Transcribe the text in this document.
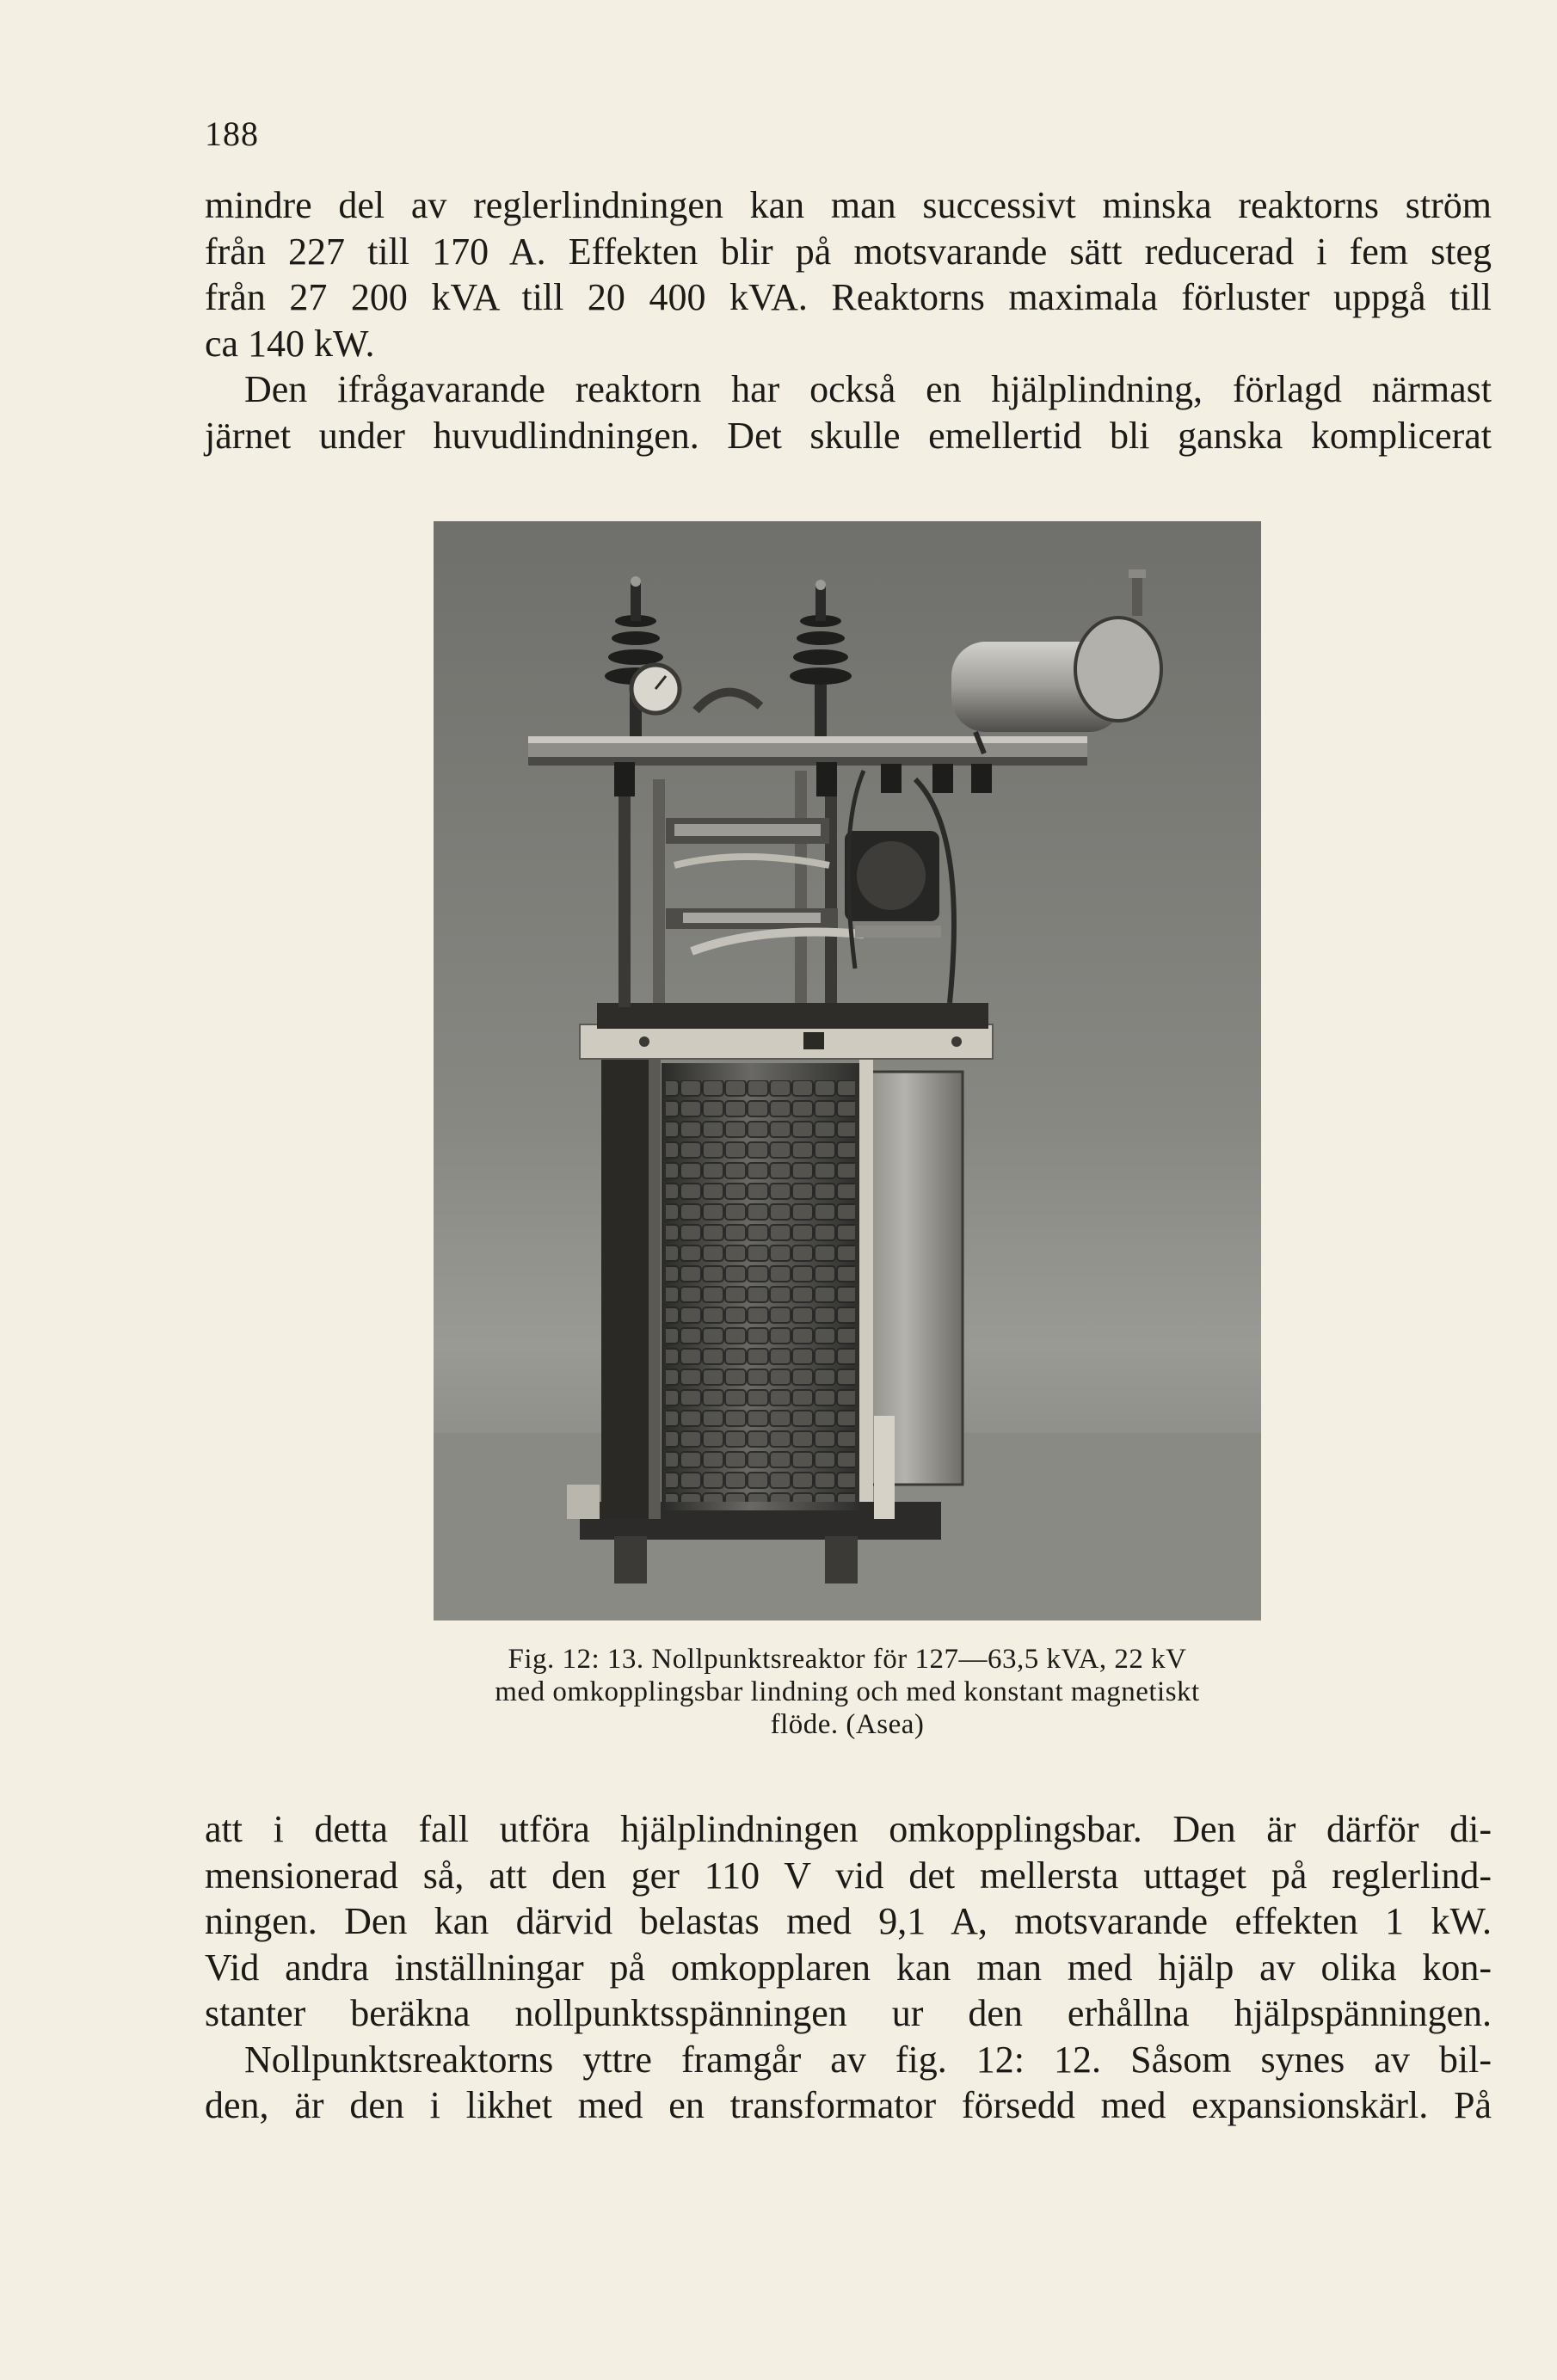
188

mindre del av reglerlindningen kan man successivt minska reaktorns ström
från 227 till 170 A. Effekten blir på motsvarande sätt reducerad i fem steg
från 27 200 kVA till 20 400 kVA. Reaktorns maximala förluster uppgå till
ca 140 kW.

Den ifrågavarande reaktorn har också en hjälplindning, förlagd närmast
järnet under huvudlindningen. Det skulle emellertid bli ganska komplicerat

Fig. 12: 13. Nollpunktsreaktor för 127—63,5 kVA, 22 kV
med omkopplingsbar lindning och med konstant magnetiskt
flöde. (Asea)

att i detta fall utföra hjälplindningen omkopplingsbar. Den är därför di-
mensionerad så, att den ger 110 V vid det mellersta uttaget på reglerlind-
ningen. Den kan därvid belastas med 9,1 A, motsvarande effekten 1 kW.
Vid andra inställningar på omkopplaren kan man med hjälp av olika kon-
stanter beräkna nollpunktsspänningen ur den erhållna hjälpspänningen.

Nollpunktsreaktorns yttre framgår av fig. 12: 12. Såsom synes av bil-
den, är den i likhet med en transformator försedd med expansionskärl. På
